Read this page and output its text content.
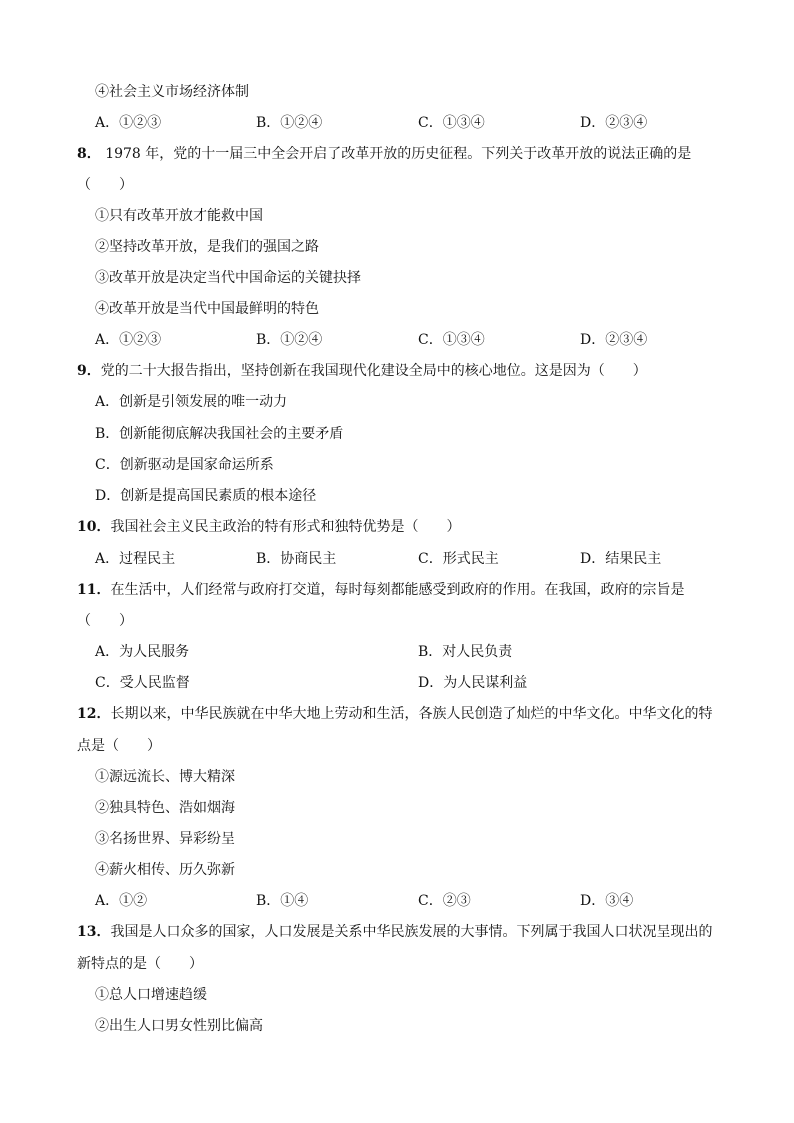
④社会主义市场经济体制
A．①②③	B．①②④	C．①③④	D．②③④
8． 1978 年，党的十一届三中全会开启了改革开放的历史征程。下列关于改革开放的说法正确的是
（　　）
①只有改革开放才能救中国
②坚持改革开放，是我们的强国之路
③改革开放是决定当代中国命运的关键抉择
④改革开放是当代中国最鲜明的特色
A．①②③	B．①②④	C．①③④	D．②③④
9．党的二十大报告指出，坚持创新在我国现代化建设全局中的核心地位。这是因为（　　）
A．创新是引领发展的唯一动力
B．创新能彻底解决我国社会的主要矛盾
C．创新驱动是国家命运所系
D．创新是提高国民素质的根本途径
10．我国社会主义民主政治的特有形式和独特优势是（　　）
A．过程民主	B．协商民主	C．形式民主	D．结果民主
11．在生活中，人们经常与政府打交道，每时每刻都能感受到政府的作用。在我国，政府的宗旨是
（　　）
A．为人民服务	B．对人民负责
C．受人民监督	D．为人民谋利益
12．长期以来，中华民族就在中华大地上劳动和生活，各族人民创造了灿烂的中华文化。中华文化的特
点是（　　）
①源远流长、博大精深
②独具特色、浩如烟海
③名扬世界、异彩纷呈
④薪火相传、历久弥新
A．①②	B．①④	C．②③	D．③④
13．我国是人口众多的国家，人口发展是关系中华民族发展的大事情。下列属于我国人口状况呈现出的
新特点的是（　　）
①总人口增速趋缓
②出生人口男女性别比偏高
